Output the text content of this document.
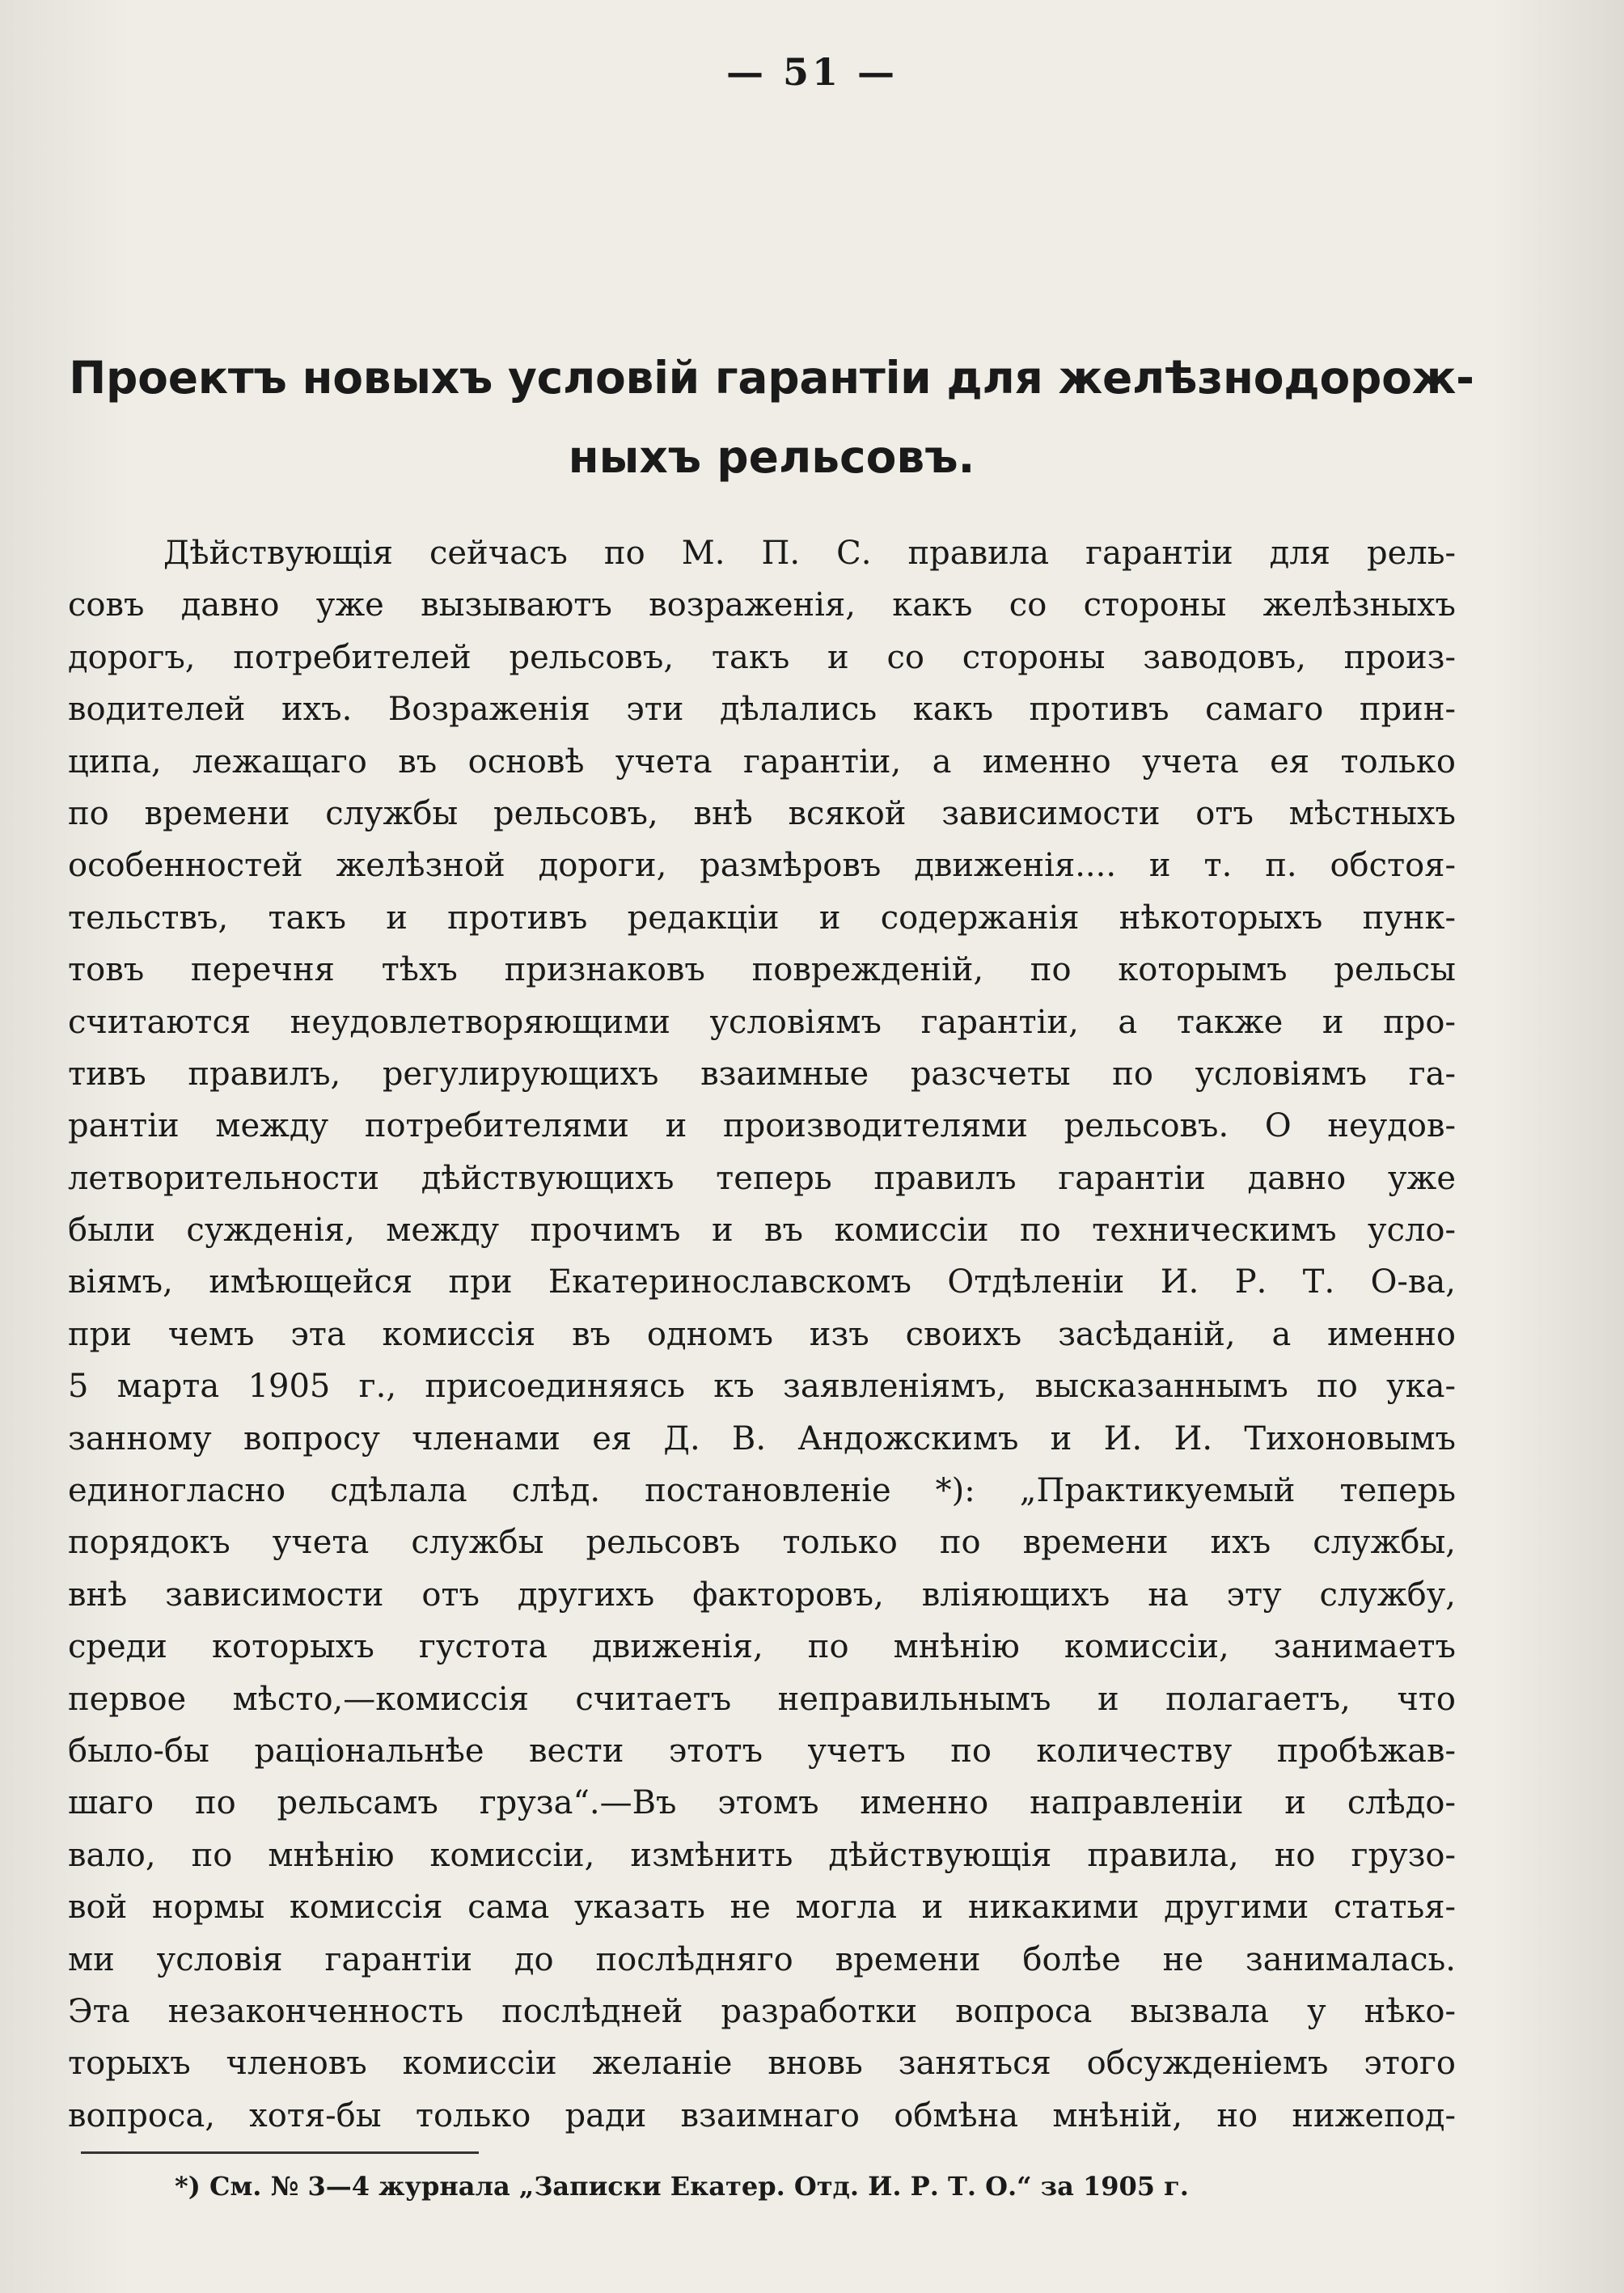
— 51 —
Проектъ новыхъ условій гарантіи для желѣзнодорож-
ныхъ рельсовъ.
Дѣйствующія сейчасъ по М. П. С. правила гарантіи для рель-
совъ давно уже вызываютъ возраженія, какъ со стороны желѣзныхъ
дорогъ, потребителей рельсовъ, такъ и со стороны заводовъ, произ-
водителей ихъ. Возраженія эти дѣлались какъ противъ самаго прин-
ципа, лежащаго въ основѣ учета гарантіи, а именно учета ея только
по времени службы рельсовъ, внѣ всякой зависимости отъ мѣстныхъ
особенностей желѣзной дороги, размѣровъ движенія.... и т. п. обстоя-
тельствъ, такъ и противъ редакціи и содержанія нѣкоторыхъ пунк-
товъ перечня тѣхъ признаковъ поврежденій, по которымъ рельсы
считаются неудовлетворяющими условіямъ гарантіи, а также и про-
тивъ правилъ, регулирующихъ взаимные разсчеты по условіямъ га-
рантіи между потребителями и производителями рельсовъ. О неудов-
летворительности дѣйствующихъ теперь правилъ гарантіи давно уже
были сужденія, между прочимъ и въ комиссіи по техническимъ усло-
віямъ, имѣющейся при Екатеринославскомъ Отдѣленіи И. Р. Т. О-ва,
при чемъ эта комиссія въ одномъ изъ своихъ засѣданій, а именно
5 марта 1905 г., присоединяясь къ заявленіямъ, высказаннымъ по ука-
занному вопросу членами ея Д. В. Андожскимъ и И. И. Тихоновымъ
единогласно сдѣлала слѣд. постановленіе *): „Практикуемый теперь
порядокъ учета службы рельсовъ только по времени ихъ службы,
внѣ зависимости отъ другихъ факторовъ, вліяющихъ на эту службу,
среди которыхъ густота движенія, по мнѣнію комиссіи, занимаетъ
первое мѣсто,—комиссія считаетъ неправильнымъ и полагаетъ, что
было-бы раціональнѣе вести этотъ учетъ по количеству пробѣжав-
шаго по рельсамъ груза“.—Въ этомъ именно направленіи и слѣдо-
вало, по мнѣнію комиссіи, измѣнить дѣйствующія правила, но грузо-
вой нормы комиссія сама указать не могла и никакими другими статья-
ми условія гарантіи до послѣдняго времени болѣе не занималась.
Эта незаконченность послѣдней разработки вопроса вызвала у нѣко-
торыхъ членовъ комиссіи желаніе вновь заняться обсужденіемъ этого
вопроса, хотя-бы только ради взаимнаго обмѣна мнѣній, но нижепод-
*) См. № 3—4 журнала „Записки Екатер. Отд. И. Р. Т. О.“ за 1905 г.
